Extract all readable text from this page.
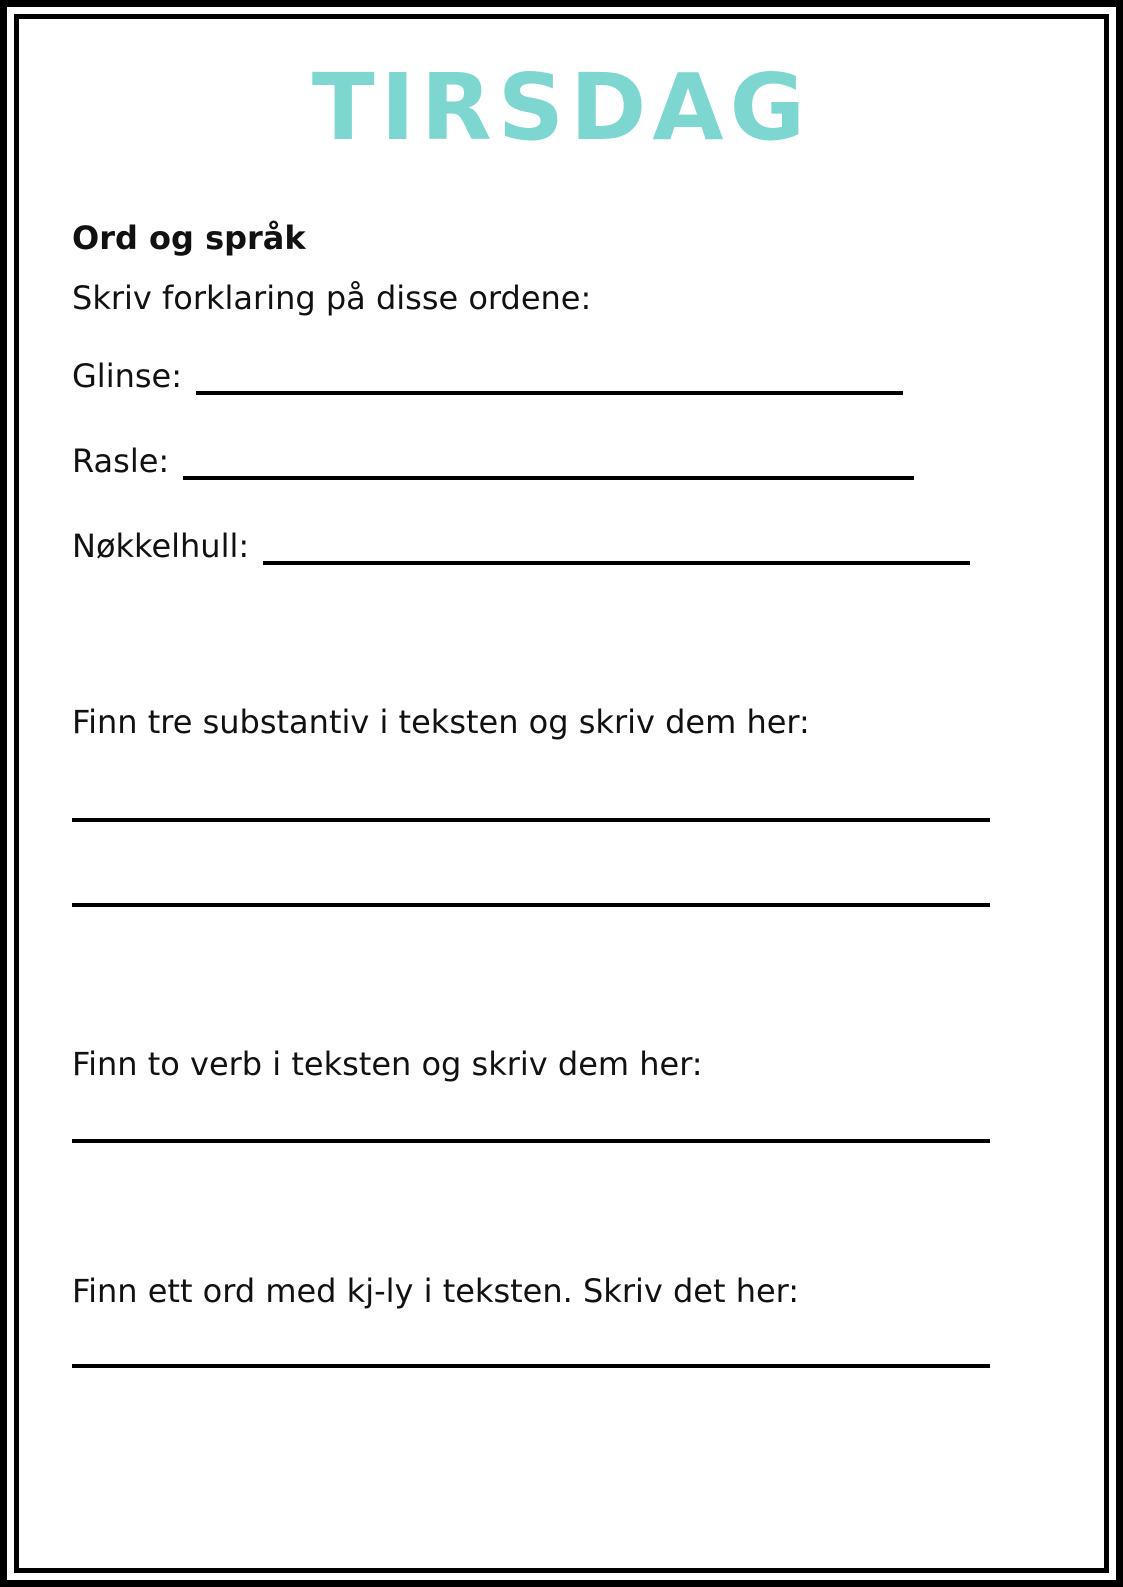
TIRSDAG
Ord og språk
Skriv forklaring på disse ordene:
Glinse:
Rasle:
Nøkkelhull:
Finn tre substantiv i teksten og skriv dem her:
Finn to verb i teksten og skriv dem her:
Finn ett ord med kj-ly i teksten. Skriv det her:
